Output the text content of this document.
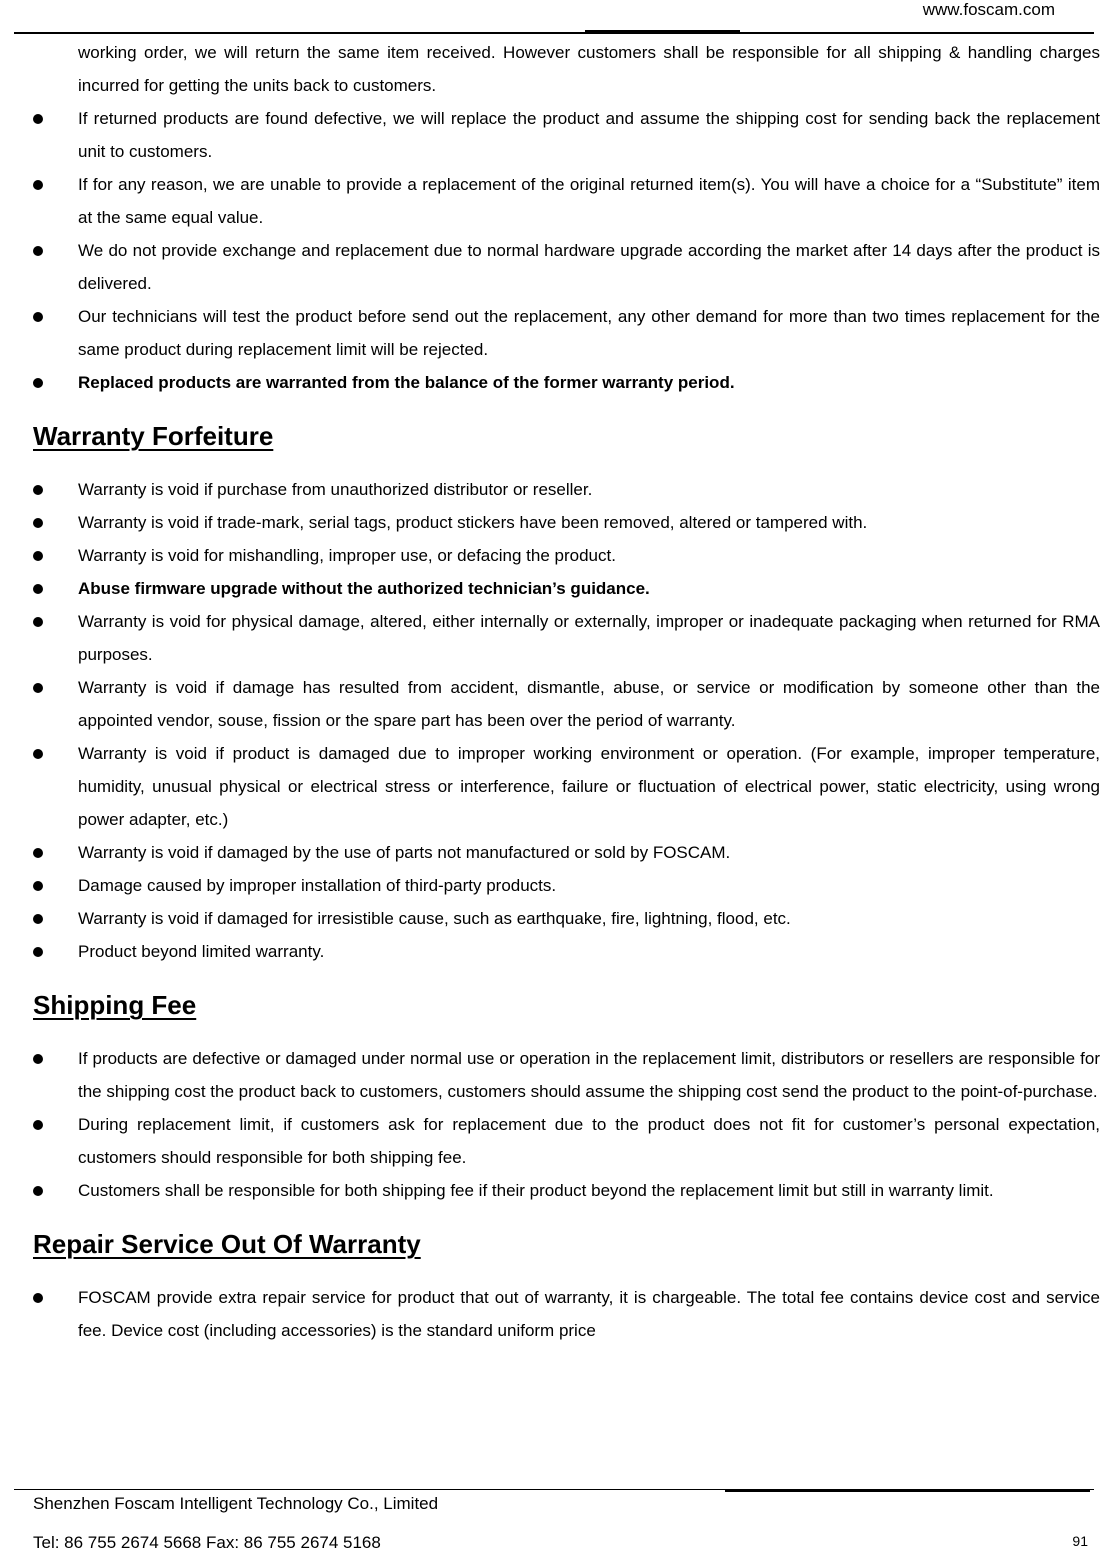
www.foscam.com

working order, we will return the same item received. However customers shall be responsible for all shipping & handling charges incurred for getting the units back to customers.

If returned products are found defective, we will replace the product and assume the shipping cost for sending back the replacement unit to customers.
If for any reason, we are unable to provide a replacement of the original returned item(s). You will have a choice for a “Substitute” item at the same equal value.
We do not provide exchange and replacement due to normal hardware upgrade according the market after 14 days after the product is delivered.
Our technicians will test the product before send out the replacement, any other demand for more than two times replacement for the same product during replacement limit will be rejected.
Replaced products are warranted from the balance of the former warranty period.
Warranty Forfeiture
Warranty is void if purchase from unauthorized distributor or reseller.
Warranty is void if trade-mark, serial tags, product stickers have been removed, altered or tampered with.
Warranty is void for mishandling, improper use, or defacing the product.
Abuse firmware upgrade without the authorized technician’s guidance.
Warranty is void for physical damage, altered, either internally or externally, improper or inadequate packaging when returned for RMA purposes.
Warranty is void if damage has resulted from accident, dismantle, abuse, or service or modification by someone other than the appointed vendor, souse, fission or the spare part has been over the period of warranty.
Warranty is void if product is damaged due to improper working environment or operation. (For example, improper temperature, humidity, unusual physical or electrical stress or interference, failure or fluctuation of electrical power, static electricity, using wrong power adapter, etc.)
Warranty is void if damaged by the use of parts not manufactured or sold by FOSCAM.
Damage caused by improper installation of third-party products.
Warranty is void if damaged for irresistible cause, such as earthquake, fire, lightning, flood, etc.
Product beyond limited warranty.
Shipping Fee
If products are defective or damaged under normal use or operation in the replacement limit, distributors or resellers are responsible for the shipping cost the product back to customers, customers should assume the shipping cost send the product to the point-of-purchase.
During replacement limit, if customers ask for replacement due to the product does not fit for customer’s personal expectation, customers should responsible for both shipping fee.
Customers shall be responsible for both shipping fee if their product beyond the replacement limit but still in warranty limit.
Repair Service Out Of Warranty
FOSCAM provide extra repair service for product that out of warranty, it is chargeable. The total fee contains device cost and service fee. Device cost (including accessories) is the standard uniform price
Shenzhen Foscam Intelligent Technology Co., Limited
Tel: 86 755 2674 5668 Fax: 86 755 2674 5168	91
